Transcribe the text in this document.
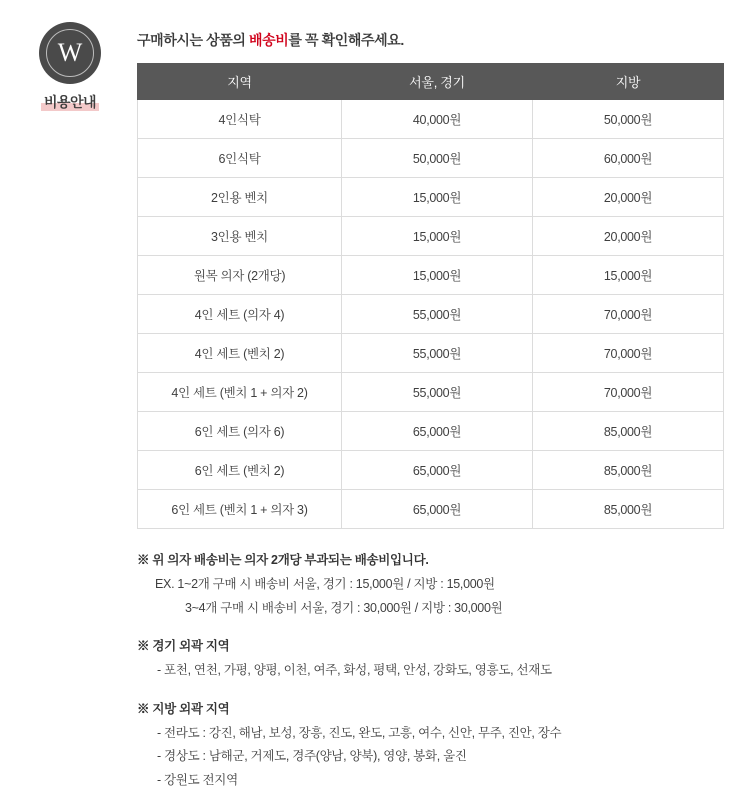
W
비용안내
구매하시는 상품의 배송비를 꼭 확인해주세요.
지역	서울, 경기	지방
4인식탁	40,000원	50,000원
6인식탁	50,000원	60,000원
2인용 벤치	15,000원	20,000원
3인용 벤치	15,000원	20,000원
원목 의자 (2개당)	15,000원	15,000원
4인 세트 (의자 4)	55,000원	70,000원
4인 세트 (벤치 2)	55,000원	70,000원
4인 세트 (벤치 1 + 의자 2)	55,000원	70,000원
6인 세트 (의자 6)	65,000원	85,000원
6인 세트 (벤치 2)	65,000원	85,000원
6인 세트 (벤치 1 + 의자 3)	65,000원	85,000원
※ 위 의자 배송비는 의자 2개당 부과되는 배송비입니다.
EX. 1~2개 구매 시 배송비 서울, 경기 : 15,000원 / 지방 : 15,000원
3~4개 구매 시 배송비 서울, 경기 : 30,000원 / 지방 : 30,000원
※ 경기 외곽 지역
- 포천, 연천, 가평, 양평, 이천, 여주, 화성, 평택, 안성, 강화도, 영흥도, 선재도
※ 지방 외곽 지역
- 전라도 : 강진, 해남, 보성, 장흥, 진도, 완도, 고흥, 여수, 신안, 무주, 진안, 장수
- 경상도 : 남해군, 거제도, 경주(양남, 양북), 영양, 봉화, 울진
- 강원도 전지역
